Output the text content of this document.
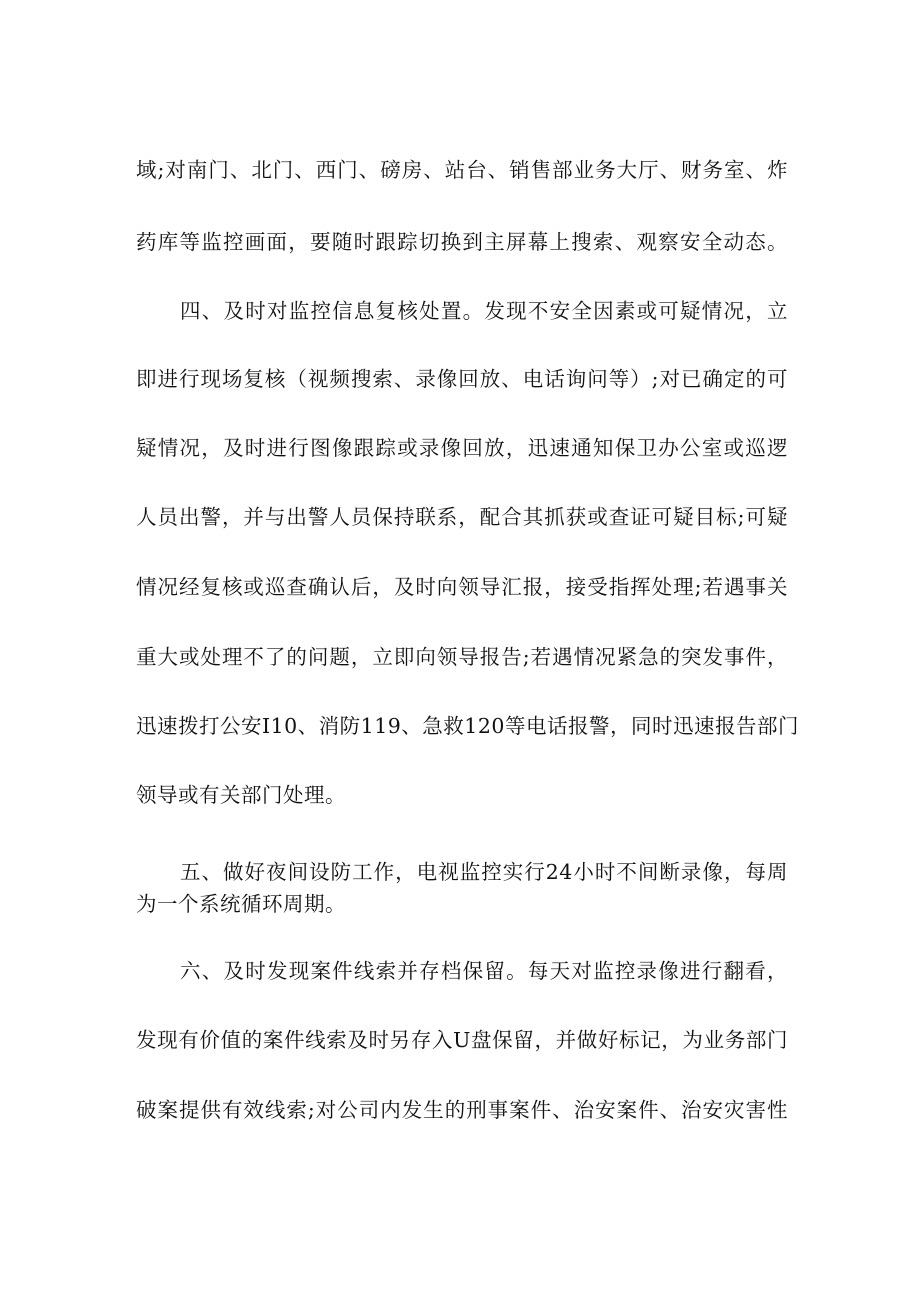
域;对南门、北门、西门、磅房、站台、销售部业务大厅、财务室、炸
药库等监控画面，要随时跟踪切换到主屏幕上搜索、观察安全动态。
四、及时对监控信息复核处置。发现不安全因素或可疑情况，立
即进行现场复核（视频搜索、录像回放、电话询问等）;对已确定的可
疑情况，及时进行图像跟踪或录像回放，迅速通知保卫办公室或巡逻
人员出警，并与出警人员保持联系，配合其抓获或查证可疑目标;可疑
情况经复核或巡查确认后，及时向领导汇报，接受指挥处理;若遇事关
重大或处理不了的问题，立即向领导报告;若遇情况紧急的突发事件，
迅速拨打公安I10、消防119、急救120等电话报警，同时迅速报告部门
领导或有关部门处理。
五、做好夜间设防工作，电视监控实行24小时不间断录像，每周
为一个系统循环周期。
六、及时发现案件线索并存档保留。每天对监控录像进行翻看，
发现有价值的案件线索及时另存入U盘保留，并做好标记，为业务部门
破案提供有效线索;对公司内发生的刑事案件、治安案件、治安灾害性
